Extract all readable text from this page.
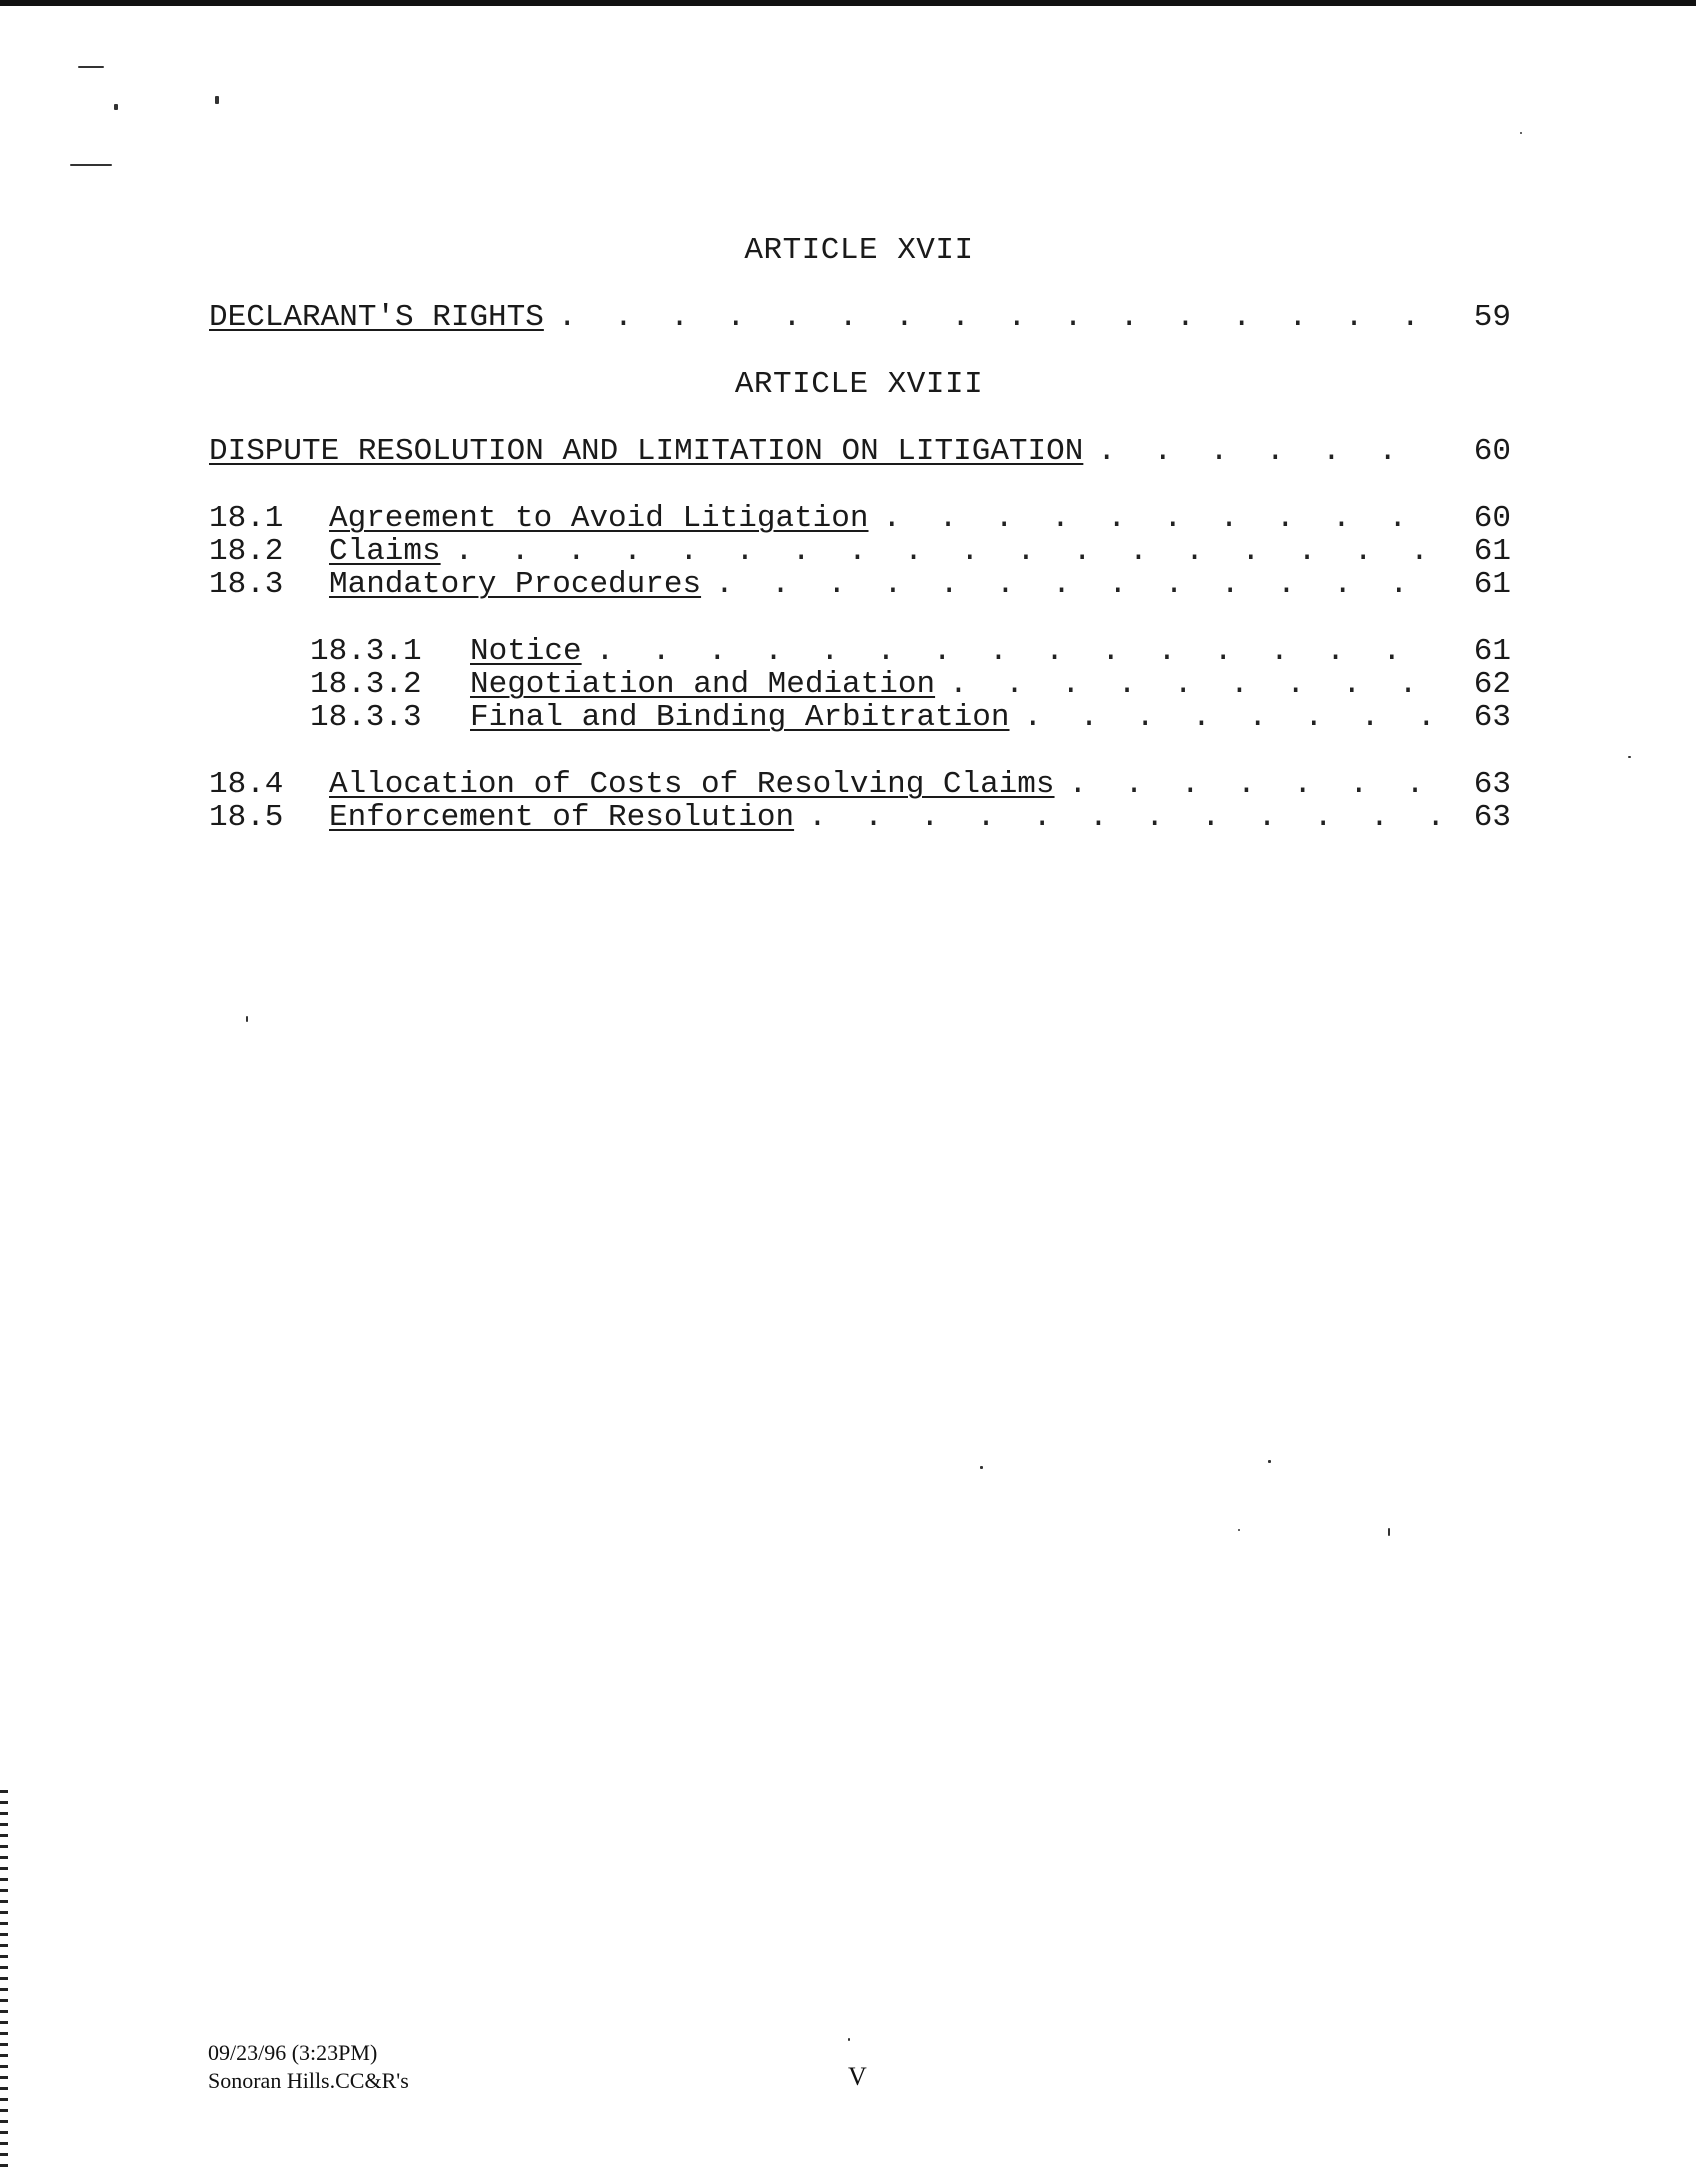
ARTICLE XVII
DECLARANT'S RIGHTS . . .	59
ARTICLE XVIII
DISPUTE RESOLUTION AND LIMITATION ON LITIGATION . . .	60
18.1	Agreement to Avoid Litigation . . .	60
18.2	Claims . . .	61
18.3	Mandatory Procedures . . .	61
18.3.1	Notice . . .	61
18.3.2	Negotiation and Mediation . . .	62
18.3.3	Final and Binding Arbitration . . .	63
18.4	Allocation of Costs of Resolving Claims . . .	63
18.5	Enforcement of Resolution . . .	63
09/23/96 (3:23PM)
Sonoran Hills.CC&R's	V
